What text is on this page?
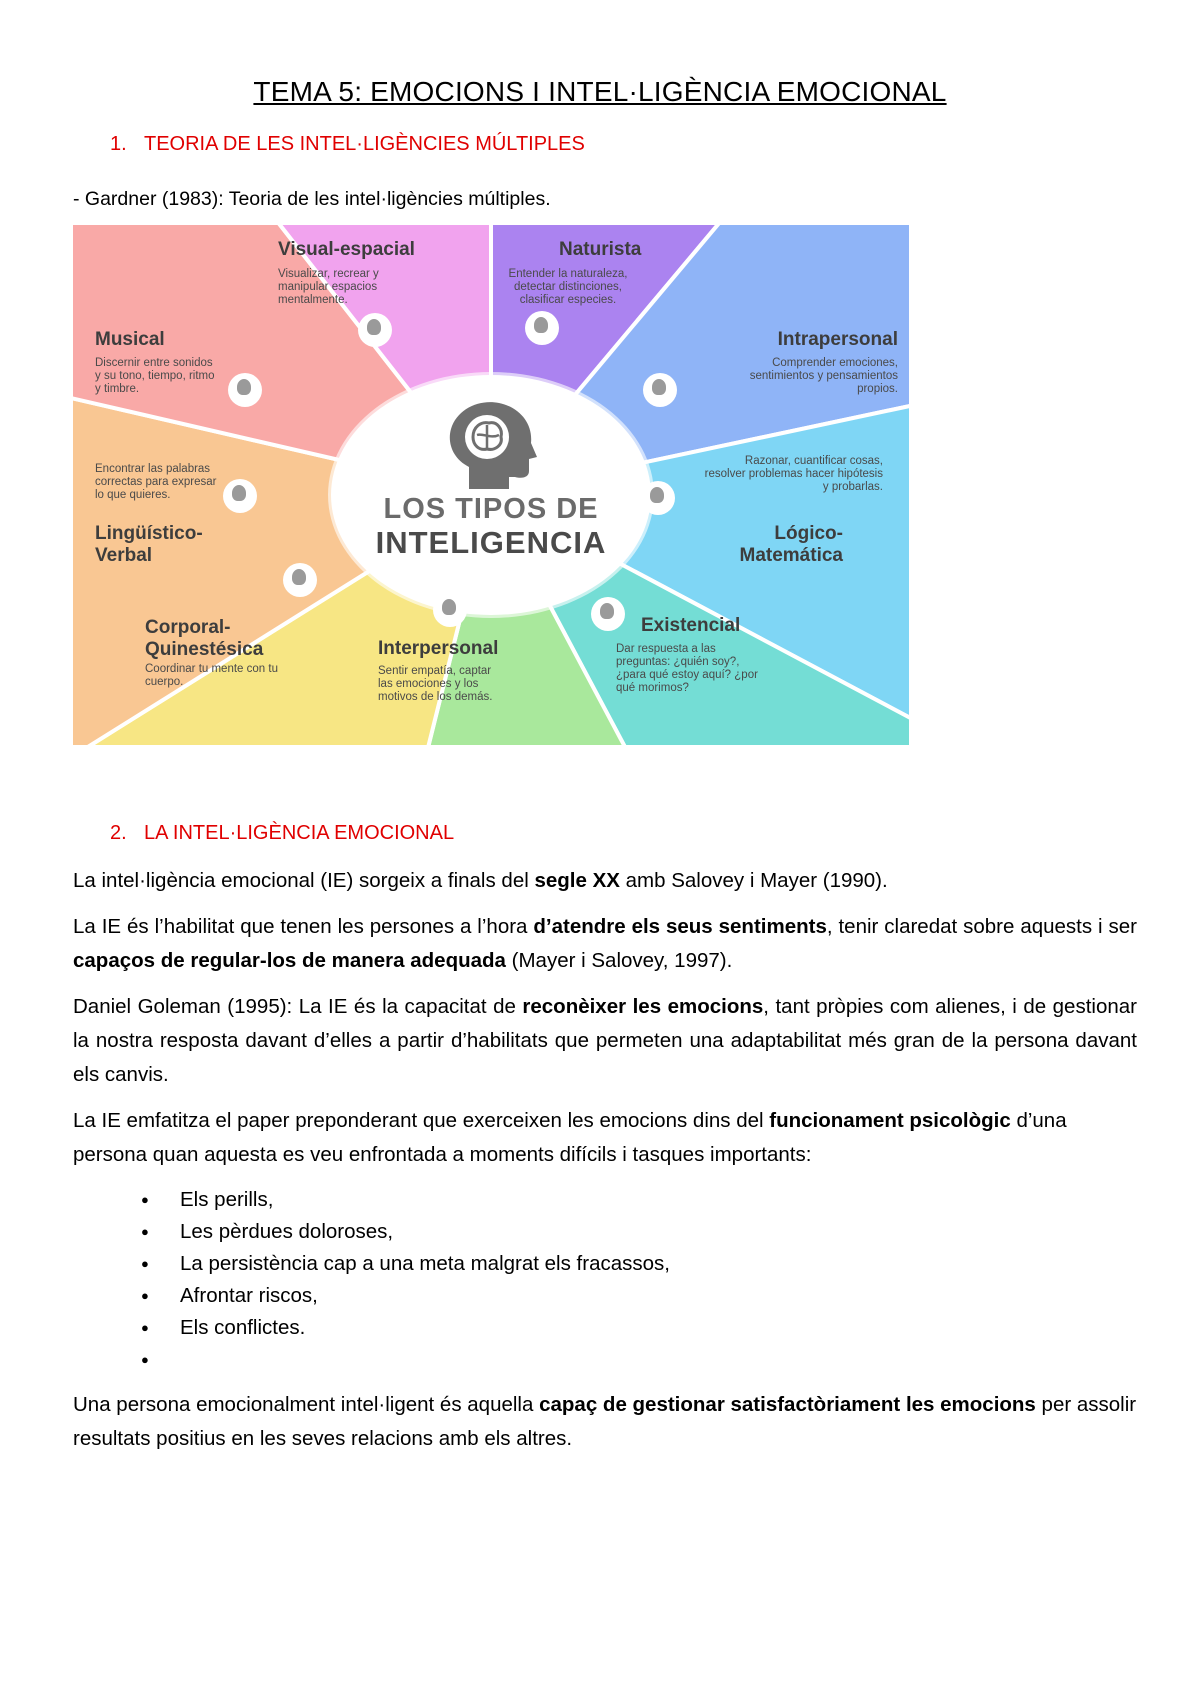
TEMA 5: EMOCIONS I INTEL·LIGÈNCIA EMOCIONAL
1. TEORIA DE LES INTEL·LIGÈNCIES MÚLTIPLES
- Gardner (1983): Teoria de les intel·ligències múltiples.
LOS TIPOS DE
INTELIGENCIA
Visual-espacial
Visualizar, recrear y manipular espacios mentalmente.
Naturista
Entender la naturaleza, detectar distinciones, clasificar especies.
Intrapersonal
Comprender emociones, sentimientos y pensamientos propios.
Razonar, cuantificar cosas, resolver problemas hacer hipótesis y probarlas.
Lógico-Matemática
Existencial
Dar respuesta a las preguntas: ¿quién soy?, ¿para qué estoy aquí? ¿por qué morimos?
Interpersonal
Sentir empatía, captar las emociones y los motivos de los demás.
Corporal-Quinestésica
Coordinar tu mente con tu cuerpo.
Encontrar las palabras correctas para expresar lo que quieres.
Lingüístico-Verbal
Musical
Discernir entre sonidos y su tono, tiempo, ritmo y timbre.
2. LA INTEL·LIGÈNCIA EMOCIONAL

La intel·ligència emocional (IE) sorgeix a finals del segle XX amb Salovey i Mayer (1990).

La IE és l’habilitat que tenen les persones a l’hora d’atendre els seus sentiments, tenir claredat sobre aquests i ser capaços de regular-los de manera adequada (Mayer i Salovey, 1997).

Daniel Goleman (1995): La IE és la capacitat de reconèixer les emocions, tant pròpies com alienes, i de gestionar la nostra resposta davant d’elles a partir d’habilitats que permeten una adaptabilitat més gran de la persona davant els canvis.

La IE emfatitza el paper preponderant que exerceixen les emocions dins del funcionament psicològic d’una persona quan aquesta es veu enfrontada a moments difícils i tasques importants:

● Els perills,
● Les pèrdues doloroses,
● La persistència cap a una meta malgrat els fracassos,
● Afrontar riscos,
● Els conflictes.
●

Una persona emocionalment intel·ligent és aquella capaç de gestionar satisfactòriament les emocions per assolir resultats positius en les seves relacions amb els altres.
